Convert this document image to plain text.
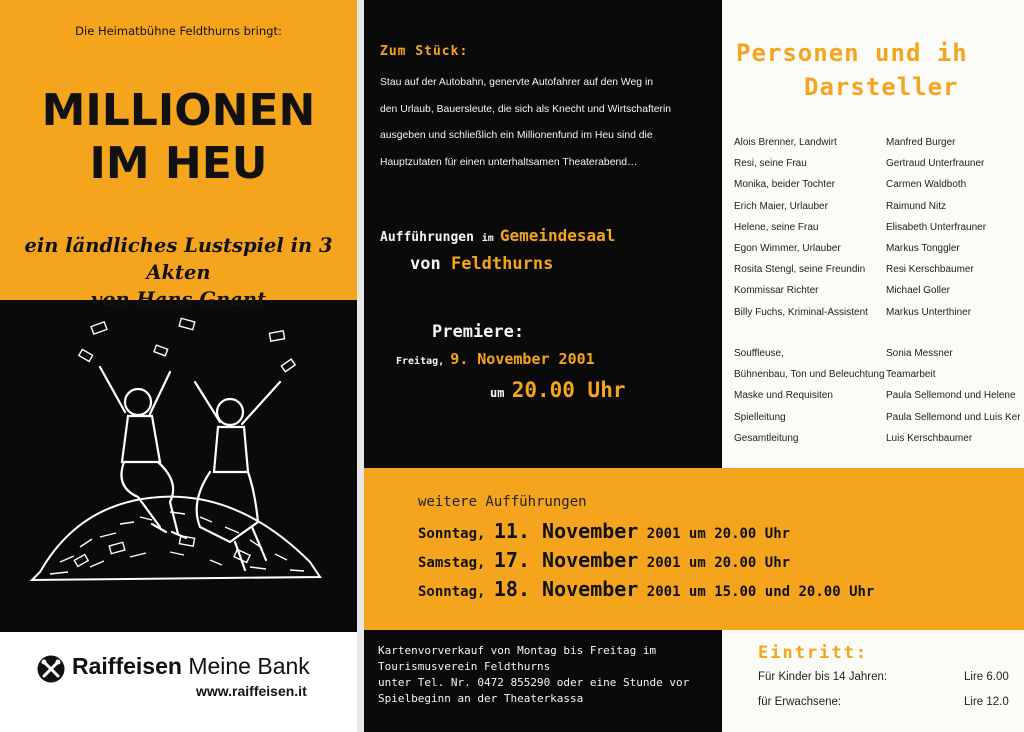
Die Heimatbühne Feldthurns bringt:
MILLIONEN
IM HEU
ein ländliches Lustspiel in 3 Akten
von Hans Gnant
Raiffeisen Meine Bank
www.raiffeisen.it
Zum Stück:
Stau auf der Autobahn, genervte Autofahrer auf den Weg in
den Urlaub, Bauersleute, die sich als Knecht und Wirtschafterin
ausgeben und schließlich ein Millionenfund im Heu sind die
Hauptzutaten für einen unterhaltsamen Theaterabend…
Aufführungen im Gemeindesaal
von Feldthurns
Premiere:
Freitag, 9. November 2001
um 20.00 Uhr
Personen und ih
Darsteller
Alois Brenner, Landwirt
Resi, seine Frau
Monika, beider Tochter
Erich Maier, Urlauber
Helene, seine Frau
Egon Wimmer, Urlauber
Rosita Stengl, seine Freundin
Kommissar Richter
Billy Fuchs, Kriminal-Assistent
Manfred Burger
Gertraud Unterfrauner
Carmen Waldboth
Raimund Nitz
Elisabeth Unterfrauner
Markus Tonggler
Resi Kerschbaumer
Michael Goller
Markus Unterthiner
Souffleuse,
Bühnenbau, Ton und Beleuchtung
Maske und Requisiten
Spielleitung
Gesamtleitung
Sonia Messner
Teamarbeit
Paula Sellemond und Helene
Paula Sellemond und Luis Ker
Luis Kerschbaumer
weitere Aufführungen
Sonntag, 11. November 2001 um 20.00 Uhr
Samstag, 17. November 2001 um 20.00 Uhr
Sonntag, 18. November 2001 um 15.00 und 20.00 Uhr
Kartenvorverkauf von Montag bis Freitag im
Tourismusverein Feldthurns
unter Tel. Nr. 0472 855290 oder eine Stunde vor
Spielbeginn an der Theaterkassa
Eintritt:
Für Kinder bis 14 Jahren:	Lire 6.00
für Erwachsene:	Lire 12.0
